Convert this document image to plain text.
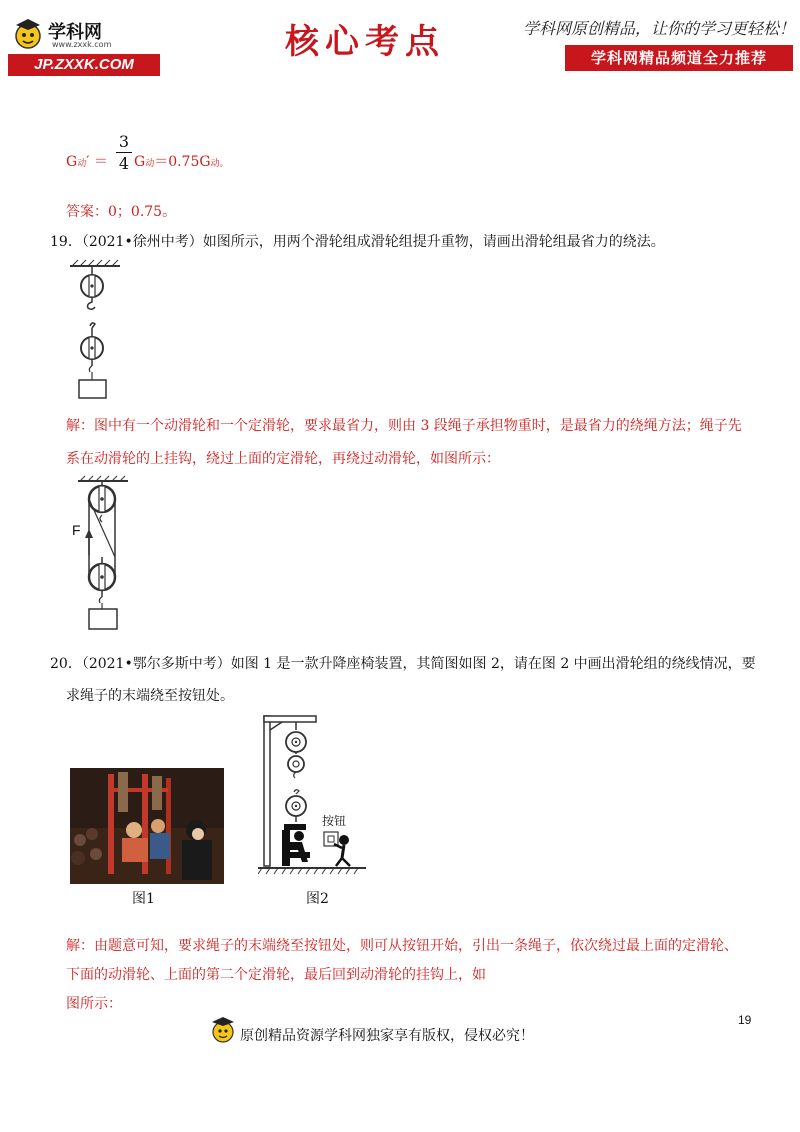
学科网
www.zxxk.com
JP.ZXXK.COM
核心考点	学科网原创精品，让你的学习更轻松！
学科网精品频道全力推荐
G动′ ＝ $\frac{3}{4}$ G动＝0.75G动。
答案：0；0.75。
19．（2021•徐州中考）如图所示，用两个滑轮组成滑轮组提升重物，请画出滑轮组最省力的绕法。
解：图中有一个动滑轮和一个定滑轮，要求最省力，则由 3 段绳子承担物重时，是最省力的绕绳方法；绳子先
系在动滑轮的上挂钩，绕过上面的定滑轮，再绕过动滑轮，如图所示：
F
20．（2021•鄂尔多斯中考）如图 1 是一款升降座椅装置，其简图如图 2，请在图 2 中画出滑轮组的绕线情况，要
求绳子的末端绕至按钮处。
图1
按钮
图2
解：由题意可知，要求绳子的末端绕至按钮处，则可从按钮开始，引出一条绳子，依次绕过最上面的定滑轮、
下面的动滑轮、上面的第二个定滑轮，最后回到动滑轮的挂钩上，如
图所示：
原创精品资源学科网独家享有版权，侵权必究！
19
